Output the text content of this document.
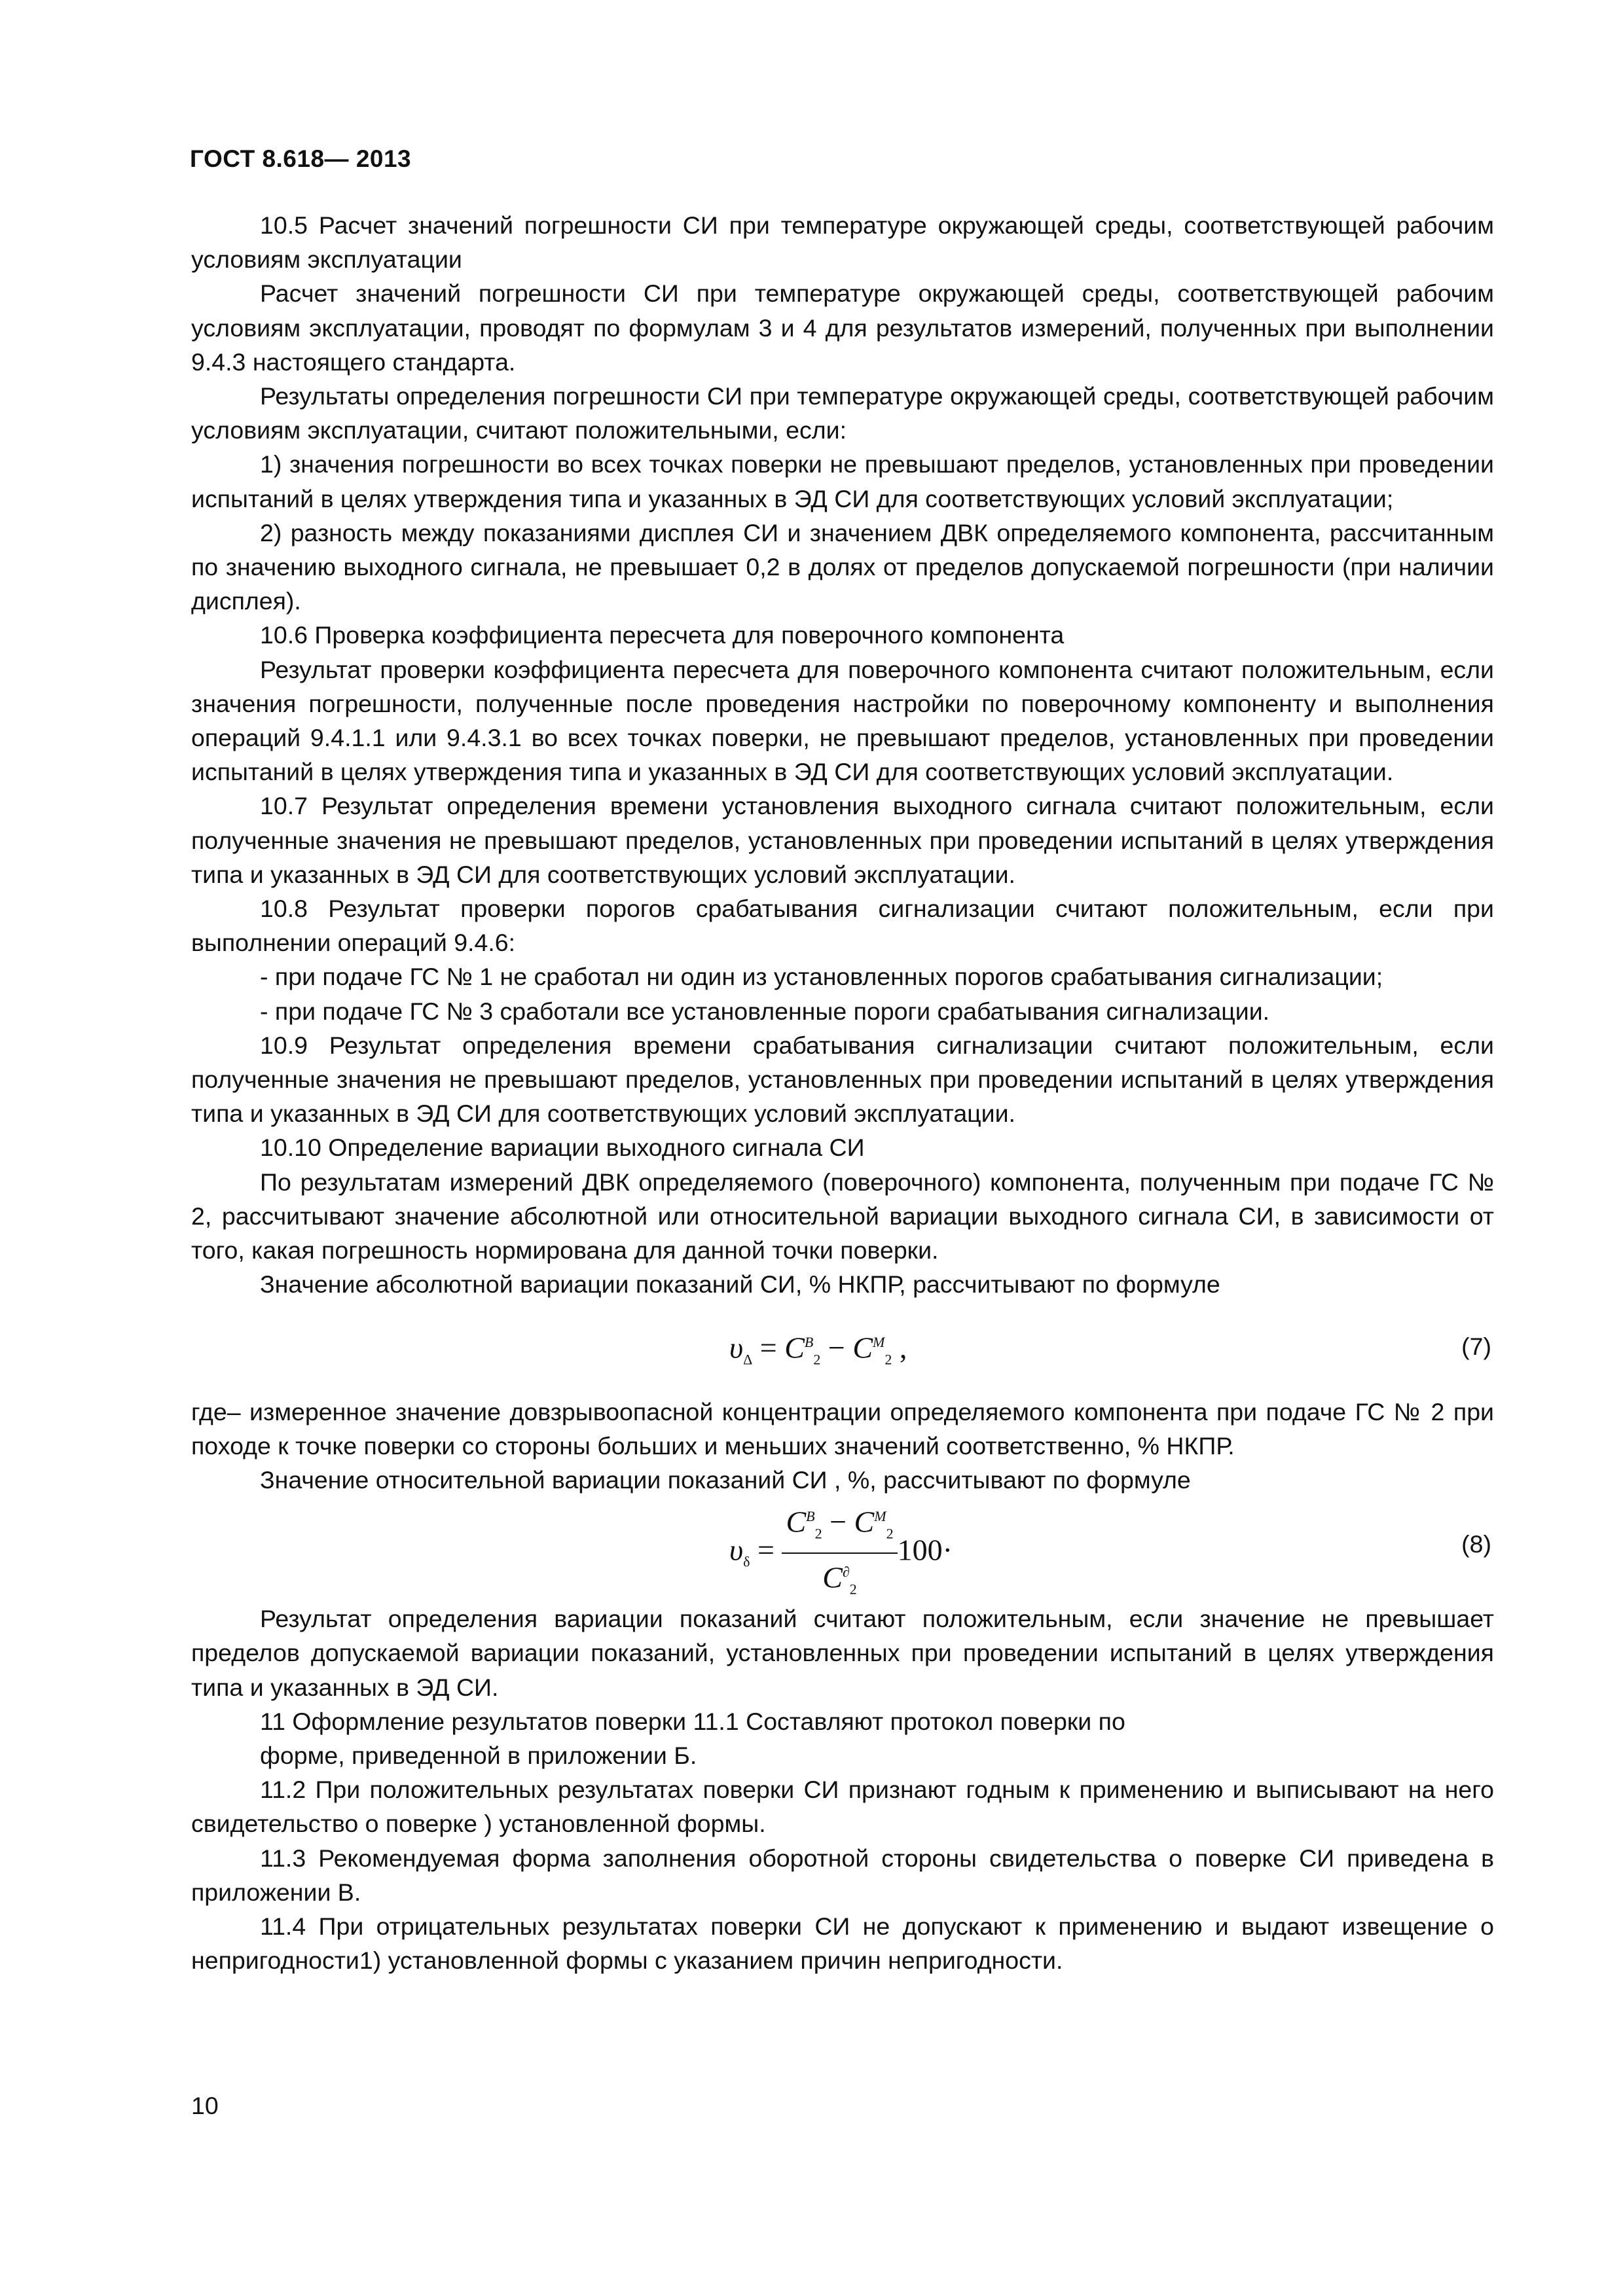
ГОСТ 8.618— 2013

10.5 Расчет значений погрешности СИ при температуре окружающей среды, соответствующей рабочим условиям эксплуатации

Расчет значений погрешности СИ при температуре окружающей среды, соответствующей рабочим условиям эксплуатации, проводят по формулам 3 и 4 для результатов измерений, полученных при выполнении 9.4.3 настоящего стандарта.

Результаты определения погрешности СИ при температуре окружающей среды, соответствующей рабочим условиям эксплуатации, считают положительными, если:

1) значения погрешности во всех точках поверки не превышают пределов, установленных при проведении испытаний в целях утверждения типа и указанных в ЭД СИ для соответствующих условий эксплуатации;

2) разность между показаниями дисплея СИ и значением ДВК определяемого компонента, рассчитанным по значению выходного сигнала, не превышает 0,2 в долях от пределов допускаемой погрешности (при наличии дисплея).

10.6 Проверка коэффициента пересчета для поверочного компонента

Результат проверки коэффициента пересчета для поверочного компонента считают положительным, если значения погрешности, полученные после проведения настройки по поверочному компоненту и выполнения операций 9.4.1.1 или 9.4.3.1 во всех точках поверки, не превышают пределов, установленных при проведении испытаний в целях утверждения типа и указанных в ЭД СИ для соответствующих условий эксплуатации.

10.7 Результат определения времени установления выходного сигнала считают положительным, если полученные значения не превышают пределов, установленных при проведении испытаний в целях утверждения типа и указанных в ЭД СИ для соответствующих условий эксплуатации.

10.8 Результат проверки порогов срабатывания сигнализации считают положительным, если при выполнении операций 9.4.6:

- при подаче ГС № 1 не сработал ни один из установленных порогов срабатывания сигнализации;

- при подаче ГС № 3 сработали все установленные пороги срабатывания сигнализации.

10.9 Результат определения времени срабатывания сигнализации считают положительным, если полученные значения не превышают пределов, установленных при проведении испытаний в целях утверждения типа и указанных в ЭД СИ для соответствующих условий эксплуатации.

10.10 Определение вариации выходного сигнала СИ

По результатам измерений ДВК определяемого (поверочного) компонента, полученным при подаче ГС № 2, рассчитывают значение абсолютной или относительной вариации выходного сигнала СИ, в зависимости от того, какая погрешность нормирована для данной точки поверки.

Значение абсолютной вариации показаний СИ, % НКПР, рассчитывают по формуле

$\upsilon_\Delta = C^B_2 - C^M_2$ ,	(7)

где– измеренное значение довзрывоопасной концентрации определяемого компонента при подаче ГС № 2 при походе к точке поверки со стороны больших и меньших значений соответственно, % НКПР.

Значение относительной вариации показаний СИ , %, рассчитывают по формуле

$\upsilon_\delta = \frac{C^B_2 - C^M_2}{C^\partial_2} 100\cdot$	(8)

Результат определения вариации показаний считают положительным, если значение не превышает пределов допускаемой вариации показаний, установленных при проведении испытаний в целях утверждения типа и указанных в ЭД СИ.

11 Оформление результатов поверки 11.1 Составляют протокол поверки по

форме, приведенной в приложении Б.

11.2 При положительных результатах поверки СИ признают годным к применению и выписывают на него свидетельство о поверке ) установленной формы.

11.3 Рекомендуемая форма заполнения оборотной стороны свидетельства о поверке СИ приведена в приложении В.

11.4 При отрицательных результатах поверки СИ не допускают к применению и выдают извещение о непригодности1) установленной формы с указанием причин непригодности.

10
